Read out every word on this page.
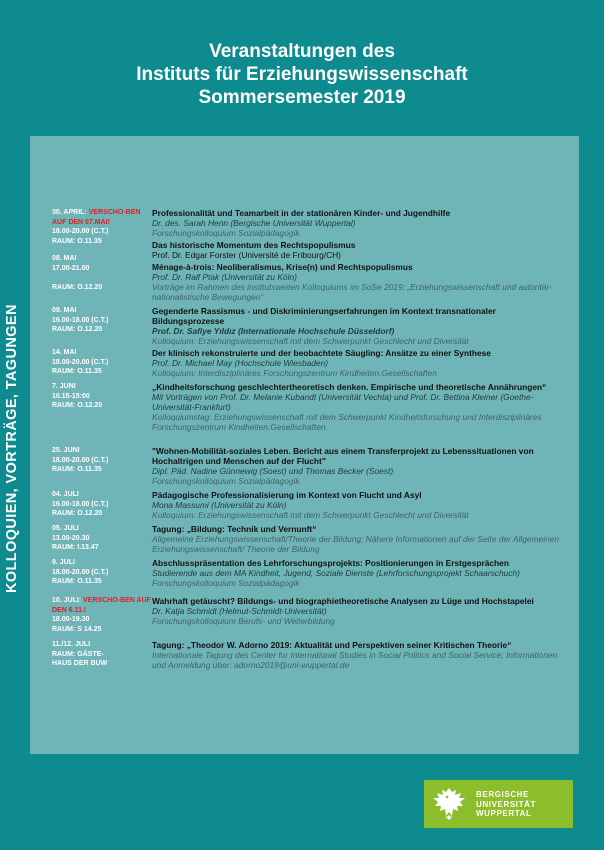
Veranstaltungen des
Instituts für Erziehungswissenschaft
Sommersemester 2019
KOLLOQUIEN, VORTRÄGE, TAGUNGEN
30. APRIL: VERSCHO-BEN AUF DEN 07.MAI!
18.00-20.00 (C.T.)
RAUM: O.11.35
Professionalität und Teamarbeit in der stationären Kinder- und Jugendhilfe
Dr. des. Sarah Henn (Bergische Universität Wuppertal)
Forschungskolloquium Sozialpädagogik
Das historische Momentum des Rechtspopulismus
Prof. Dr. Edgar Forster (Université de Fribourg/CH)
08. MAI
17.00-21.00

RAUM: O.12.20
Ménage-à-trois: Neoliberalismus, Krise(n) und Rechtspopulismus
Prof. Dr. Ralf Ptak (Universität zu Köln)
Vorträge im Rahmen des institutsweiten Kolloquiums im SoSe 2019: „Erziehungswissenschaft und autoritär-nationalistische Bewegungen“
09. MAI
16.00-18.00 (C.T.)
RAUM: O.12.20
Gegenderte Rassismus - und Diskriminierungserfahrungen im Kontext transnationaler Bildungsprozesse
Prof. Dr. Safiye Yıldız (Internationale Hochschule Düsseldorf)
Kolloquium: Erziehungswissenschaft mit dem Schwerpunkt Geschlecht und Diversität
14. MAI
18.00-20.00 (C.T.)
RAUM: O.11.35
Der klinisch rekonstruierte und der beobachtete Säugling: Ansätze zu einer Synthese
Prof. Dr. Michael May (Hochschule Wiesbaden)
Kolloquium: Interdisziplinäres Forschungszentrum Kindheiten.Gesellschaften
7. JUNI
10.15-15:00
RAUM: O.12.20
„Kindheitsforschung geschlechtertheoretisch denken. Empirische und theoretische Annährungen“
Mit Vorträgen von Prof. Dr. Melanie Kubandt (Universität Vechta) und Prof. Dr. Bettina Kleiner (Goethe-Universität-Frankfurt)
Kolloquiumstag: Erziehungswissenschaft mit dem Schwerpunkt Kindheitsforschung und Interdisziplinäres Forschungszentrum Kindheiten.Gesellschaften
25. JUNI
18.00-20.00 (C.T.)
RAUM: O.11.35
"Wohnen-Mobilität-soziales Leben. Bericht aus einem Transferprojekt zu Lebenssituationen von Hochaltrigen und Menschen auf der Flucht"
Dipl. Päd. Nadine Günnewig (Soest) und Thomas Becker (Soest)
Forschungskolloquium Sozialpädagogik
04. JULI
16.00-18.00 (C.T.)
RAUM: O.12.20
Pädagogische Professionalisierung im Kontext von Flucht und Asyl
Mona Massumi (Universität zu Köln)
Kolloquium: Erziehungswissenschaft mit dem Schwerpunkt Geschlecht und Diversität
05. JULI
13.00-20.30
RAUM: I.13.47
Tagung: „Bildung: Technik und Vernunft“
Allgemeine Erziehungswissenschaft/Theorie der Bildung; Nähere Informationen auf der Seite der Allgemeinen Erziehungswissenschaft/ Theorie der Bildung
9. JULI
18.00-20.00 (C.T.)
RAUM: O.11.35
Abschlusspräsentation des Lehrforschungsprojekts: Positionierungen in Erstgesprächen
Studierende aus dem MA Kindheit, Jugend, Soziale Dienste (Lehrforschungsprojekt Schaarschuch)
Forschungskolloquium Sozialpädagogik
10. JULI: VERSCHO-BEN AUF DEN 6.11.!
18.00-19.30
RAUM: S 14.25
Wahrhaft getäuscht? Bildungs- und biographietheoretische Analysen zu Lüge und Hochstapelei
Dr. Katja Schmidt (Helmut-Schmidt-Universität)
Forschungskolloquium Berufs- und Weiterbildung
11./12. JULI
RAUM: GÄSTE-
HAUS DER BUW
Tagung: „Theodor W. Adorno 2019: Aktualität und Perspektiven seiner Kritischen Theorie“
Internationale Tagung des Center for International Studies in Social Politics and Social Service; Informationen und Anmeldung über: adorno2019@uni-wuppertal.de
BERGISCHE
UNIVERSITÄT
WUPPERTAL
